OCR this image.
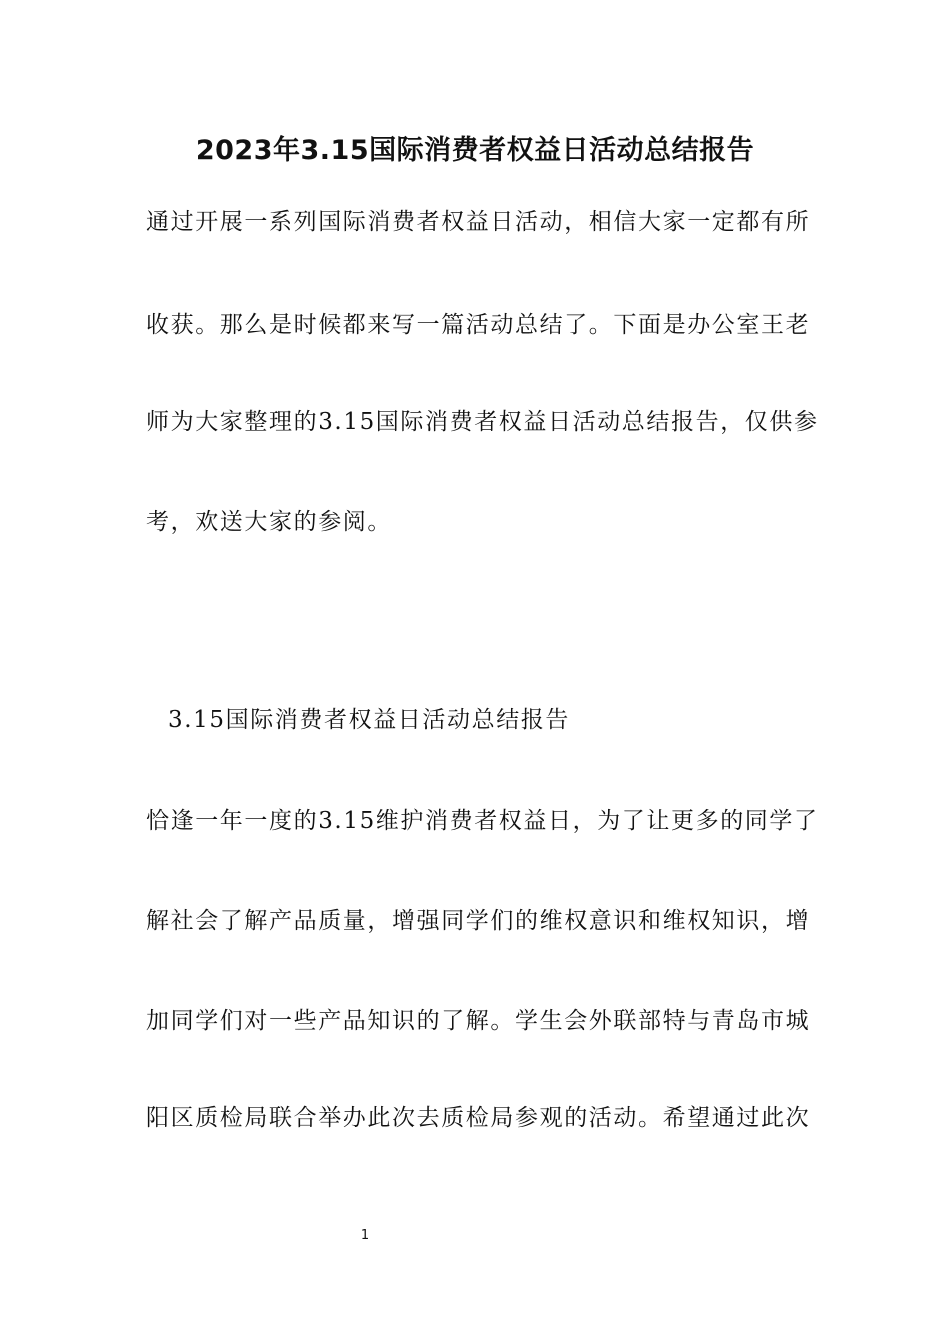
2023年3.15国际消费者权益日活动总结报告
通过开展一系列国际消费者权益日活动，相信大家一定都有所
收获。那么是时候都来写一篇活动总结了。下面是办公室王老
师为大家整理的3.15国际消费者权益日活动总结报告，仅供参
考，欢送大家的参阅。
3.15国际消费者权益日活动总结报告
恰逢一年一度的3.15维护消费者权益日，为了让更多的同学了
解社会了解产品质量，增强同学们的维权意识和维权知识，增
加同学们对一些产品知识的了解。学生会外联部特与青岛市城
阳区质检局联合举办此次去质检局参观的活动。希望通过此次
1
